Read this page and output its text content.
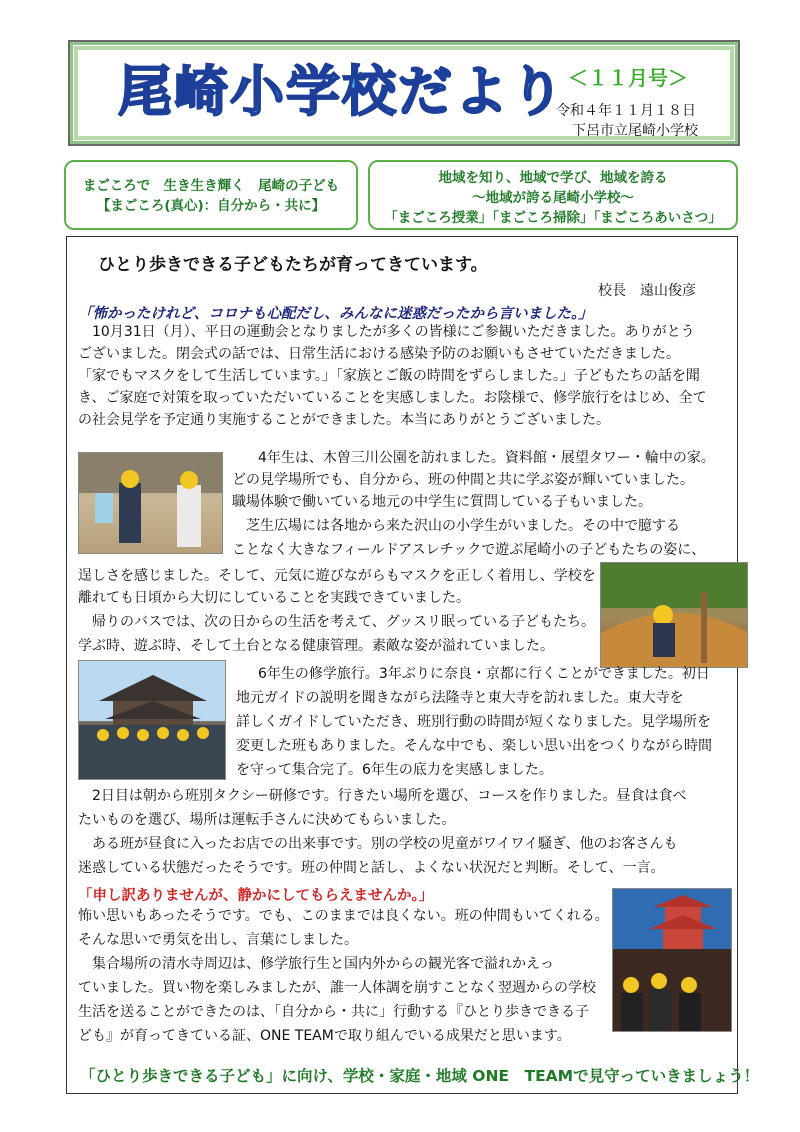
尾崎小学校だより ＜１１月号＞
令和４年１１月１８日
下呂市立尾崎小学校
まごころで　生き生き輝く　尾崎の子ども
【まごころ(真心)：自分から・共に】
地域を知り、地域で学び、地域を誇る
～地域が誇る尾崎小学校～
「まごころ授業」「まごころ掃除」「まごころあいさつ」
ひとり歩きできる子どもたちが育ってきています。
校長　遠山俊彦
「怖かったけれど、コロナも心配だし、みんなに迷惑だったから言いました。」
　10月31日（月）、平日の運動会となりましたが多くの皆様にご参観いただきました。ありがとう
ございました。閉会式の話では、日常生活における感染予防のお願いもさせていただきました。
「家でもマスクをして生活しています。」「家族とご飯の時間をずらしました。」子どもたちの話を聞
き、ご家庭で対策を取っていただいていることを実感しました。お陰様で、修学旅行をはじめ、全て
の社会見学を予定通り実施することができました。本当にありがとうございました。
4年生は、木曽三川公園を訪れました。資料館・展望タワー・輪中の家。
どの見学場所でも、自分から、班の仲間と共に学ぶ姿が輝いていました。
職場体験で働いている地元の中学生に質問している子もいました。
　芝生広場には各地から来た沢山の小学生がいました。その中で臆する
ことなく大きなフィールドアスレチックで遊ぶ尾崎小の子どもたちの姿に、
逞しさを感じました。そして、元気に遊びながらもマスクを正しく着用し、学校を
離れても日頃から大切にしていることを実践できていました。
　帰りのバスでは、次の日からの生活を考えて、グッスリ眠っている子どもたち。
学ぶ時、遊ぶ時、そして土台となる健康管理。素敵な姿が溢れていました。
6年生の修学旅行。3年ぶりに奈良・京都に行くことができました。初日
地元ガイドの説明を聞きながら法隆寺と東大寺を訪れました。東大寺を
詳しくガイドしていただき、班別行動の時間が短くなりました。見学場所を
変更した班もありました。そんな中でも、楽しい思い出をつくりながら時間
を守って集合完了。6年生の底力を実感しました。
　2日目は朝から班別タクシー研修です。行きたい場所を選び、コースを作りました。昼食は食べ
たいものを選び、場所は運転手さんに決めてもらいました。
　ある班が昼食に入ったお店での出来事です。別の学校の児童がワイワイ騒ぎ、他のお客さんも
迷惑している状態だったそうです。班の仲間と話し、よくない状況だと判断。そして、一言。
「申し訳ありませんが、静かにしてもらえませんか。」
怖い思いもあったそうです。でも、このままでは良くない。班の仲間もいてくれる。
そんな思いで勇気を出し、言葉にしました。
　集合場所の清水寺周辺は、修学旅行生と国内外からの観光客で溢れかえっ
ていました。買い物を楽しみましたが、誰一人体調を崩すことなく翌週からの学校
生活を送ることができたのは、「自分から・共に」行動する『ひとり歩きできる子
ども』が育ってきている証、ONE TEAMで取り組んでいる成果だと思います。
「ひとり歩きできる子ども」に向け、学校・家庭・地域 ONE　TEAMで見守っていきましょう！
